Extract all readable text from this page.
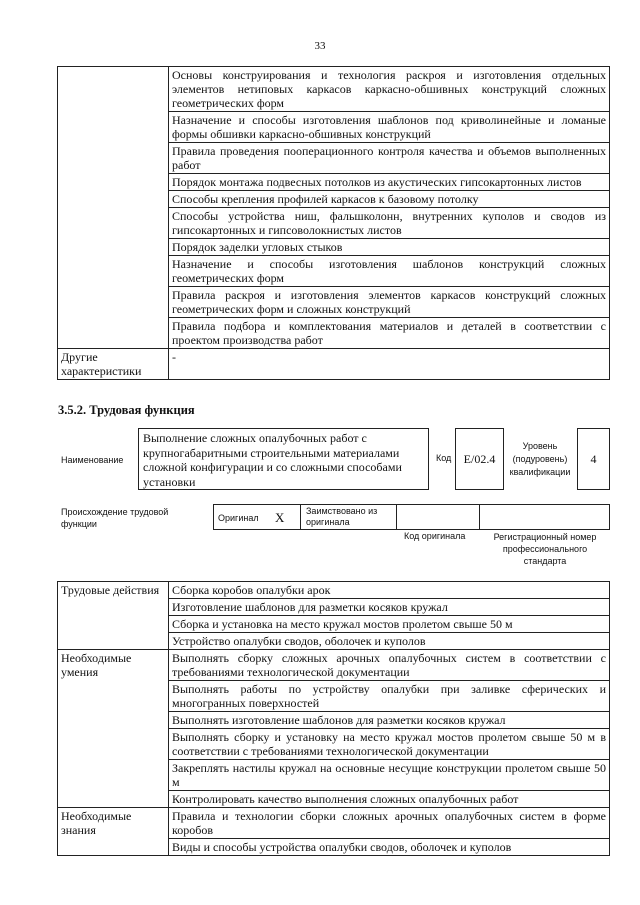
33
	Основы конструирования и технология раскроя и изготовления отдельных элементов нетиповых каркасов каркасно-обшивных конструкций сложных геометрических форм
	Назначение и способы изготовления шаблонов под криволинейные и ломаные формы обшивки каркасно-обшивных конструкций
	Правила проведения пооперационного контроля качества и объемов выполненных работ
	Порядок монтажа подвесных потолков из акустических гипсокартонных листов
	Способы крепления профилей каркасов к базовому потолку
	Способы устройства ниш, фальшколонн, внутренних куполов и сводов из гипсокартонных и гипсоволокнистых листов
	Порядок заделки угловых стыков
	Назначение и способы изготовления шаблонов конструкций сложных геометрических форм
	Правила раскроя и изготовления элементов каркасов конструкций сложных геометрических форм и сложных конструкций
	Правила подбора и комплектования материалов и деталей в соответствии с проектом производства работ
Другие характеристики	-
3.5.2. Трудовая функция
Наименование
Выполнение сложных опалубочных работ с крупногабаритными строительными материалами сложной конфигурации и со сложными способами установки
Код	E/02.4
Уровень (подуровень) квалификации
4
Происхождение трудовой функции
Оригинал X Заимствовано из оригинала
Код оригинала	Регистрационный номер профессионального стандарта
Трудовые действия	Сборка коробов опалубки арок
	Изготовление шаблонов для разметки косяков кружал
	Сборка и установка на место кружал мостов пролетом свыше 50 м
	Устройство опалубки сводов, оболочек и куполов
Необходимые умения	Выполнять сборку сложных арочных опалубочных систем в соответствии с требованиями технологической документации
	Выполнять работы по устройству опалубки при заливке сферических и многогранных поверхностей
	Выполнять изготовление шаблонов для разметки косяков кружал
	Выполнять сборку и установку на место кружал мостов пролетом свыше 50 м в соответствии с требованиями технологической документации
	Закреплять настилы кружал на основные несущие конструкции пролетом свыше 50 м
	Контролировать качество выполнения сложных опалубочных работ
Необходимые знания	Правила и технологии сборки сложных арочных опалубочных систем в форме коробов
	Виды и способы устройства опалубки сводов, оболочек и куполов
